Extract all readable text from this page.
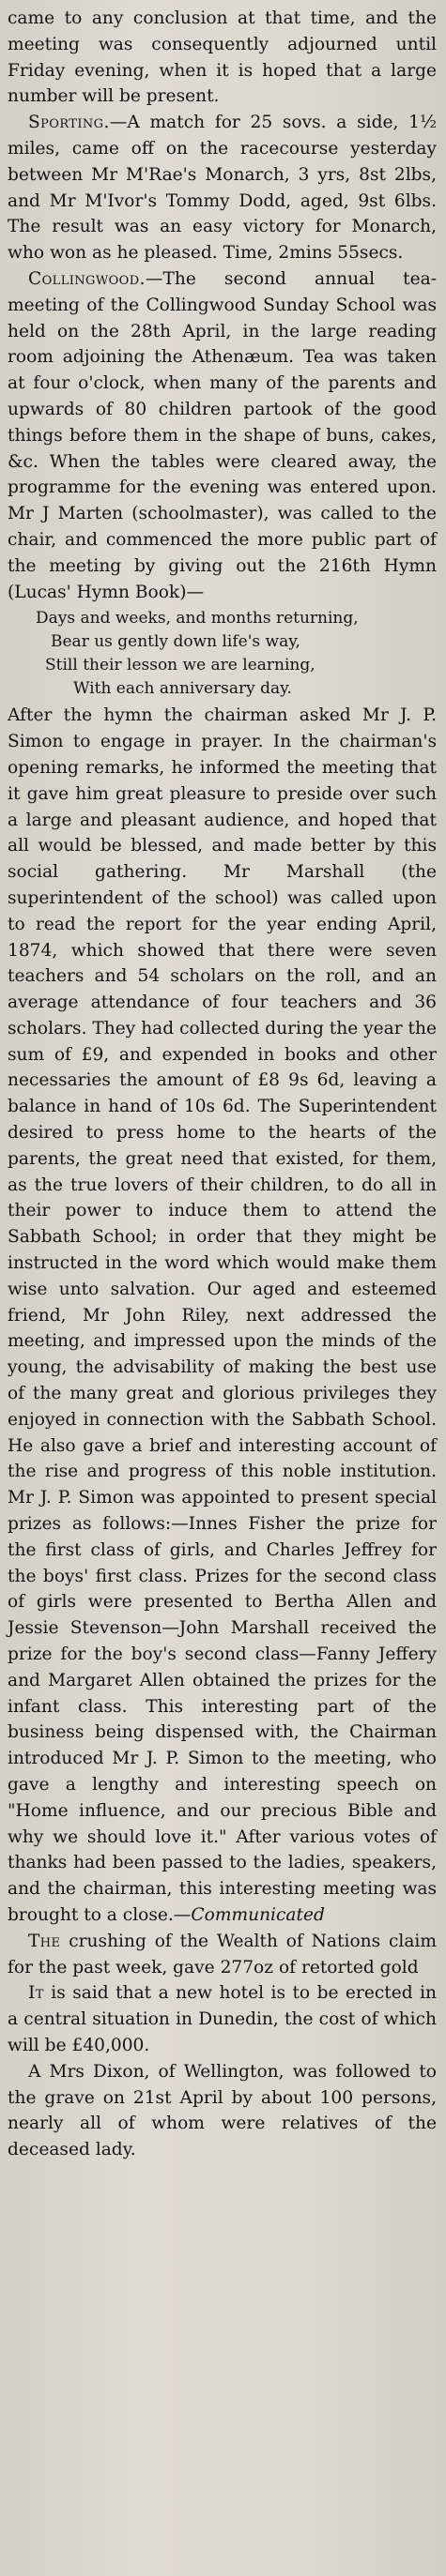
came to any conclusion at that time, and the meeting was consequently adjourned until Friday evening, when it is hoped that a large number will be present.

Sporting.—A match for 25 sovs. a side, 1½ miles, came off on the racecourse yesterday between Mr M'Rae's Monarch, 3 yrs, 8st 2lbs, and Mr M'Ivor's Tommy Dodd, aged, 9st 6lbs. The result was an easy victory for Monarch, who won as he pleased. Time, 2mins 55secs.

Collingwood.—The second annual tea-meeting of the Collingwood Sunday School was held on the 28th April, in the large reading room adjoining the Athenæum. Tea was taken at four o'clock, when many of the parents and upwards of 80 children partook of the good things before them in the shape of buns, cakes, &c. When the tables were cleared away, the programme for the evening was entered upon. Mr J Marten (schoolmaster), was called to the chair, and commenced the more public part of the meeting by giving out the 216th Hymn (Lucas' Hymn Book)—

Days and weeks, and months returning,
Bear us gently down life's way,
Still their lesson we are learning,
With each anniversary day.

After the hymn the chairman asked Mr J. P. Simon to engage in prayer. In the chairman's opening remarks, he informed the meeting that it gave him great pleasure to preside over such a large and pleasant audience, and hoped that all would be blessed, and made better by this social gathering. Mr Marshall (the superintendent of the school) was called upon to read the report for the year ending April, 1874, which showed that there were seven teachers and 54 scholars on the roll, and an average attendance of four teachers and 36 scholars. They had collected during the year the sum of £9, and expended in books and other necessaries the amount of £8 9s 6d, leaving a balance in hand of 10s 6d. The Superintendent desired to press home to the hearts of the parents, the great need that existed, for them, as the true lovers of their children, to do all in their power to induce them to attend the Sabbath School; in order that they might be instructed in the word which would make them wise unto salvation. Our aged and esteemed friend, Mr John Riley, next addressed the meeting, and impressed upon the minds of the young, the advisability of making the best use of the many great and glorious privileges they enjoyed in connection with the Sabbath School. He also gave a brief and interesting account of the rise and progress of this noble institution. Mr J. P. Simon was appointed to present special prizes as follows:—Innes Fisher the prize for the first class of girls, and Charles Jeffrey for the boys' first class. Prizes for the second class of girls were presented to Bertha Allen and Jessie Stevenson—John Marshall received the prize for the boy's second class—Fanny Jeffery and Margaret Allen obtained the prizes for the infant class. This interesting part of the business being dispensed with, the Chairman introduced Mr J. P. Simon to the meeting, who gave a lengthy and interesting speech on "Home influence, and our precious Bible and why we should love it." After various votes of thanks had been passed to the ladies, speakers, and the chairman, this interesting meeting was brought to a close.—Communicated

The crushing of the Wealth of Nations claim for the past week, gave 277oz of retorted gold

It is said that a new hotel is to be erected in a central situation in Dunedin, the cost of which will be £40,000.

A Mrs Dixon, of Wellington, was followed to the grave on 21st April by about 100 persons, nearly all of whom were relatives of the deceased lady.
